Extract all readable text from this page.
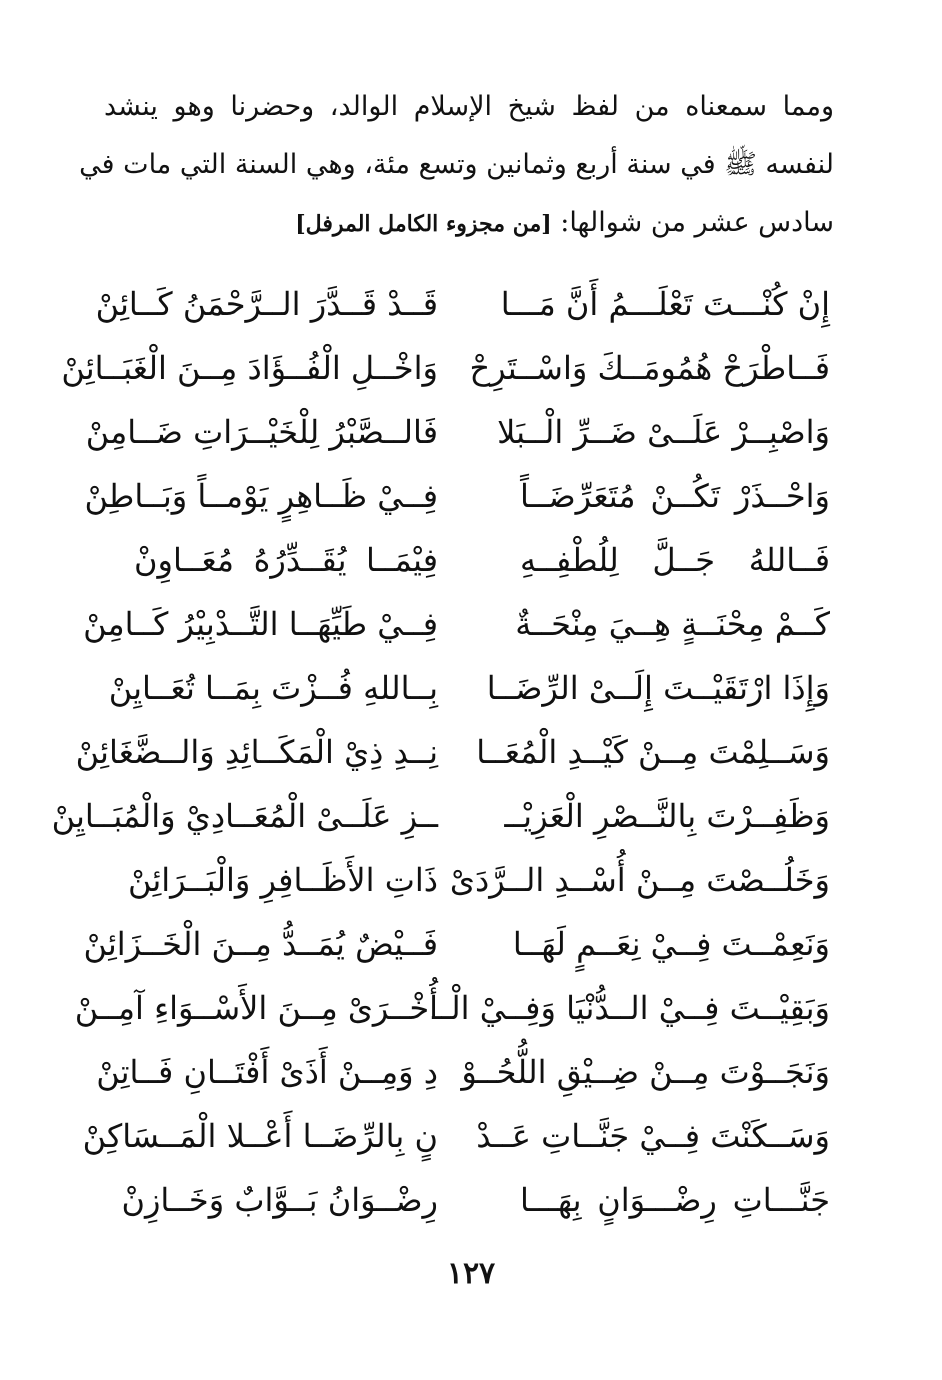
ومما سمعناه من لفظ شيخ الإسلام الوالد، وحضرنا وهو ينشد
لنفسه ﷺ في سنة أربع وثمانين وتسع مئة، وهي السنة التي مات في
سادس عشر من شوالها: [من مجزوء الكامل المرفل]
إِنْ كُنْـــتَ تَعْلَـــمُ أَنَّ مَـــا
قَــدْ قَــدَّرَ الــرَّحْمَنُ كَــائِنْ
فَــاطْرَحْ هُمُومَــكَ وَاسْــتَرِحْ
وَاخْــلِ الْفُــؤَادَ مِــنَ الْغَبَــائِنْ
وَاصْبِــرْ عَلَــىْ ضَــرِّ الْــبَلا
فَالــصَّبْرُ لِلْخَيْــرَاتِ ضَــامِنْ
وَاحْــذَرْ تَكُــنْ مُتَعَرِّضَــاً
فِــيْ ظَــاهِرٍ يَوْمــاً وَبَــاطِنْ
فَــاللهُ جَــلَّ لِلُطْفِــهِ
فِيْمَــا يُقَــدِّرُهُ مُعَــاوِنْ
كَــمْ مِحْنَــةٍ هِــيَ مِنْحَــةٌ
فِــيْ طَيِّهَــا التَّــدْبِيْرُ كَــامِنْ
وَإِذَا ارْتَقَيْــتَ إِلَــىْ الرِّضَــا
بِــاللهِ فُــزْتَ بِمَــا تُعَــايِنْ
وَسَــلِمْتَ مِــنْ كَيْــدِ الْمُعَــا
نِــدِ ذِيْ الْمَكَــائِدِ وَالــضَّغَائِنْ
وَظَفِــرْتَ بِالنَّــصْرِ الْعَزِيْــ
ــزِ عَلَــىْ الْمُعَــادِيْ وَالْمُبَــايِنْ
وَخَلُــصْتَ مِــنْ أُسْــدِ الــرَّدَىْ
ذَاتِ الأَظَــافِرِ وَالْبَــرَائِنْ
وَنَعِمْــتَ فِــيْ نِعَــمٍ لَهَــا
فَــيْضٌ يُمَــدُّ مِــنَ الْخَــزَائِنْ
وَبَقِيْــتَ فِــيْ الــدُّنْيَا وَفِــيْ الْــ
أُخْــرَىْ مِــنَ الأَسْــوَاءِ آمِــنْ
وَنَجَــوْتَ مِــنْ ضِــيْقِ اللُّحُــوْ
دِ وَمِــنْ أَذَىْ أَفْتَــانِ فَــاتِنْ
وَسَــكَنْتَ فِــيْ جَنَّــاتِ عَــدْ
نٍ بِالرِّضَــا أَعْــلا الْمَــسَاكِنْ
جَنَّـــاتِ رِضْـــوَانٍ بِهَـــا
رِضْــوَانُ بَــوَّابٌ وَخَــازِنْ
١٢٧
